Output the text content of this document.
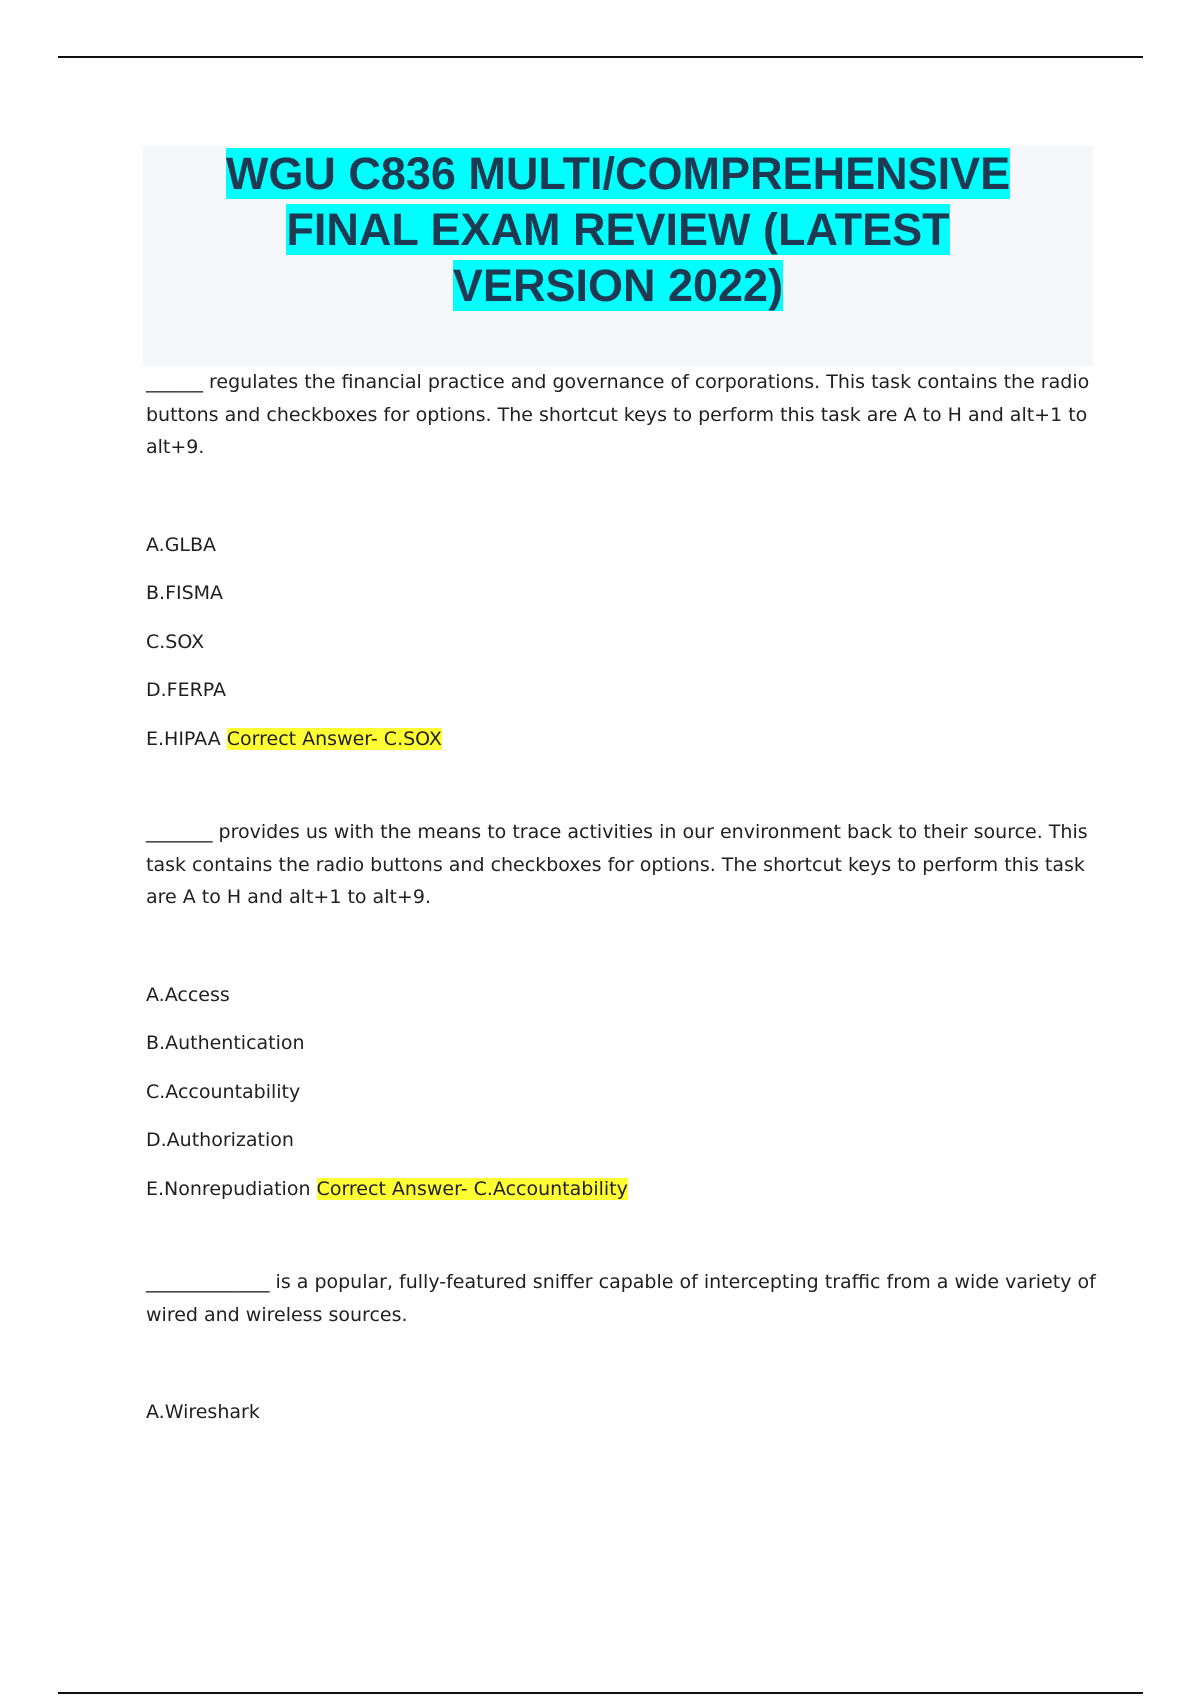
WGU C836 MULTI/COMPREHENSIVE
FINAL EXAM REVIEW (LATEST
VERSION 2022)

______ regulates the financial practice and governance of corporations. This task contains the radio buttons and checkboxes for options. The shortcut keys to perform this task are A to H and alt+1 to alt+9.

A.GLBA
B.FISMA
C.SOX
D.FERPA
E.HIPAA Correct Answer- C.SOX

_______ provides us with the means to trace activities in our environment back to their source. This task contains the radio buttons and checkboxes for options. The shortcut keys to perform this task are A to H and alt+1 to alt+9.

A.Access
B.Authentication
C.Accountability
D.Authorization
E.Nonrepudiation Correct Answer- C.Accountability

_____________ is a popular, fully-featured sniffer capable of intercepting traffic from a wide variety of wired and wireless sources.

A.Wireshark
